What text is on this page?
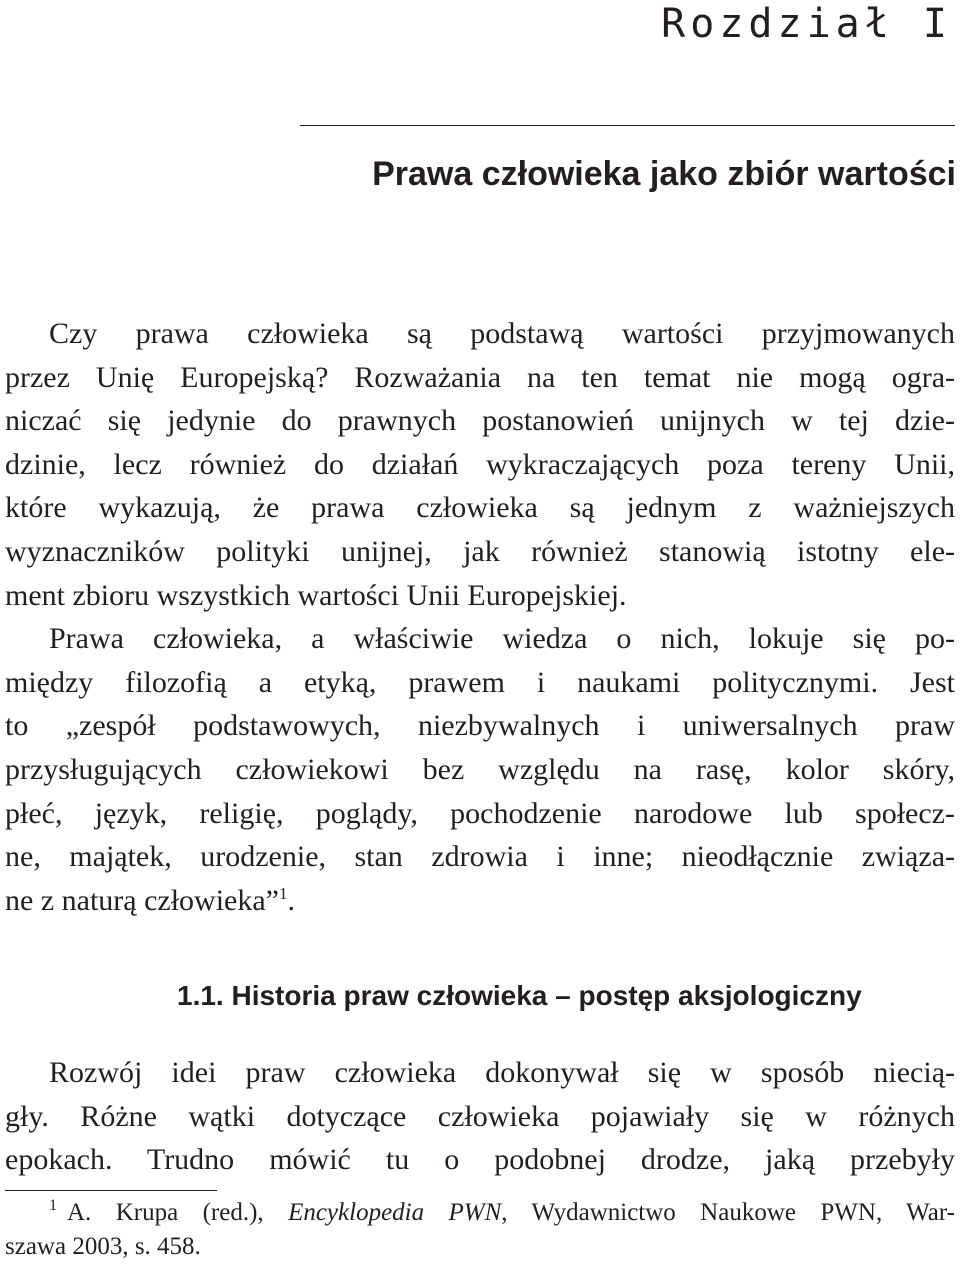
Rozdział I
Prawa człowieka jako zbiór wartości
Czy prawa człowieka są podstawą wartości przyjmowanych
przez Unię Europejską? Rozważania na ten temat nie mogą ogra-
niczać się jedynie do prawnych postanowień unijnych w tej dzie-
dzinie, lecz również do działań wykraczających poza tereny Unii,
które wykazują, że prawa człowieka są jednym z ważniejszych
wyznaczników polityki unijnej, jak również stanowią istotny ele-
ment zbioru wszystkich wartości Unii Europejskiej.
Prawa człowieka, a właściwie wiedza o nich, lokuje się po-
między filozofią a etyką, prawem i naukami politycznymi. Jest
to „zespół podstawowych, niezbywalnych i uniwersalnych praw
przysługujących człowiekowi bez względu na rasę, kolor skóry,
płeć, język, religię, poglądy, pochodzenie narodowe lub społecz-
ne, majątek, urodzenie, stan zdrowia i inne; nieodłącznie związa-
ne z naturą człowieka”$^1$.
1.1. Historia praw człowieka – postęp aksjologiczny
Rozwój idei praw człowieka dokonywał się w sposób niecią-
gły. Różne wątki dotyczące człowieka pojawiały się w różnych
epokach. Trudno mówić tu o podobnej drodze, jaką przebyły
$^1$ A. Krupa (red.), Encyklopedia PWN, Wydawnictwo Naukowe PWN, War-
szawa 2003, s. 458.
